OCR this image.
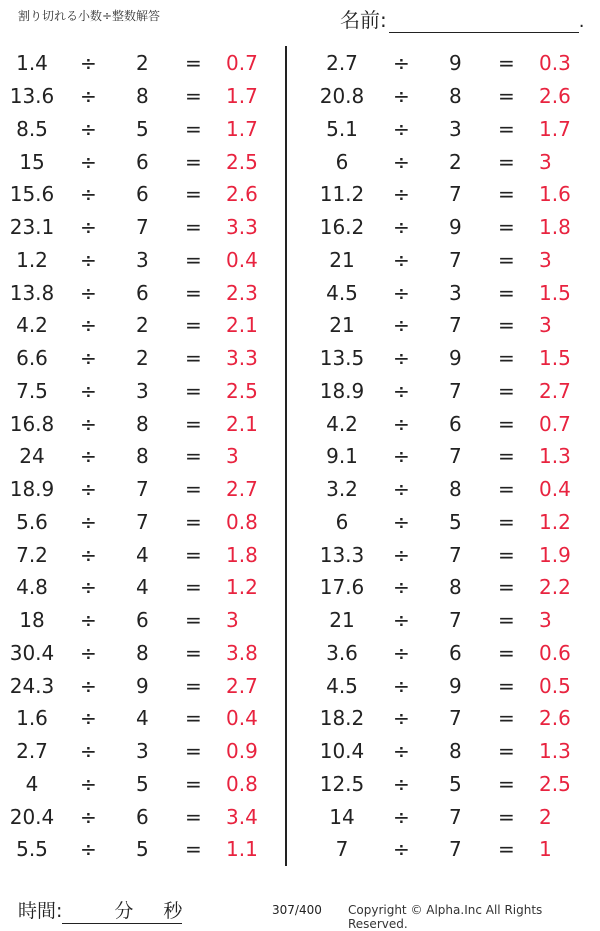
割り切れる小数÷整数解答	名前:	.
1.4	÷ 2 = 0.7
13.6	÷ 8 = 1.7
8.5	÷ 5 = 1.7
15	÷ 6 = 2.5
15.6	÷ 6 = 2.6
23.1	÷ 7 = 3.3
1.2	÷ 3 = 0.4
13.8	÷ 6 = 2.3
4.2	÷ 2 = 2.1
6.6	÷ 2 = 3.3
7.5	÷ 3 = 2.5
16.8	÷ 8 = 2.1
24	÷ 8 = 3
18.9	÷ 7 = 2.7
5.6	÷ 7 = 0.8
7.2	÷ 4 = 1.8
4.8	÷ 4 = 1.2
18	÷ 6 = 3
30.4	÷ 8 = 3.8
24.3	÷ 9 = 2.7
1.6	÷ 4 = 0.4
2.7	÷ 3 = 0.9
4	÷ 5 = 0.8
20.4	÷ 6 = 3.4
5.5	÷ 5 = 1.1
2.7	÷ 9 = 0.3
20.8	÷ 8 = 2.6
5.1	÷ 3 = 1.7
6	÷ 2 = 3
11.2	÷ 7 = 1.6
16.2	÷ 9 = 1.8
21	÷ 7 = 3
4.5	÷ 3 = 1.5
21	÷ 7 = 3
13.5	÷ 9 = 1.5
18.9	÷ 7 = 2.7
4.2	÷ 6 = 0.7
9.1	÷ 7 = 1.3
3.2	÷ 8 = 0.4
6	÷ 5 = 1.2
13.3	÷ 7 = 1.9
17.6	÷ 8 = 2.2
21	÷ 7 = 3
3.6	÷ 6 = 0.6
4.5	÷ 9 = 0.5
18.2	÷ 7 = 2.6
10.4	÷ 8 = 1.3
12.5	÷ 5 = 2.5
14	÷ 7 = 2
7	÷ 7 = 1
時間:	分 秒	307/400 Copyright © Alpha.Inc All Rights Reserved.
